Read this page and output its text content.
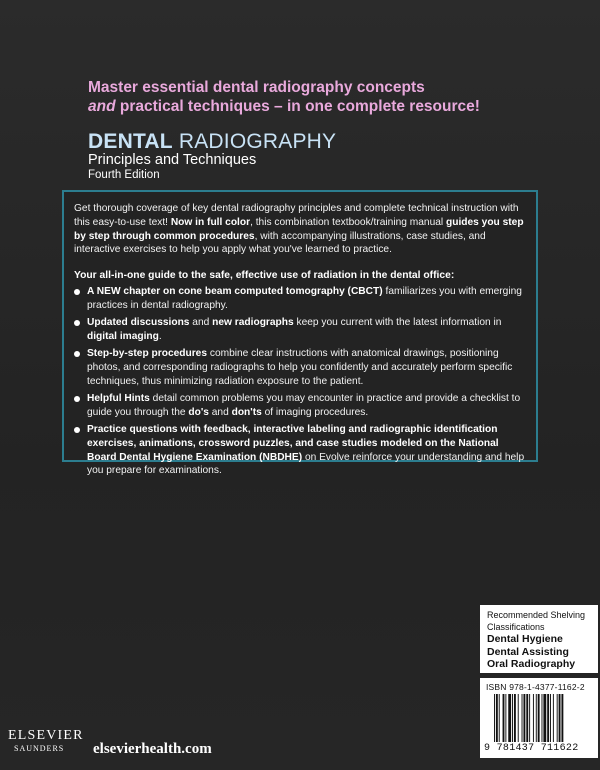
Master essential dental radiography concepts
and practical techniques – in one complete resource!
DENTAL RADIOGRAPHY
Principles and Techniques
Fourth Edition
Get thorough coverage of key dental radiography principles and complete technical instruction with this easy-to-use text! Now in full color, this combination textbook/training manual guides you step by step through common procedures, with accompanying illustrations, case studies, and interactive exercises to help you apply what you've learned to practice.
Your all-in-one guide to the safe, effective use of radiation in the dental office:
A NEW chapter on cone beam computed tomography (CBCT) familiarizes you with emerging practices in dental radiography.
Updated discussions and new radiographs keep you current with the latest information in digital imaging.
Step-by-step procedures combine clear instructions with anatomical drawings, positioning photos, and corresponding radiographs to help you confidently and accurately perform specific techniques, thus minimizing radiation exposure to the patient.
Helpful Hints detail common problems you may encounter in practice and provide a checklist to guide you through the do's and don'ts of imaging procedures.
Practice questions with feedback, interactive labeling and radiographic identification exercises, animations, crossword puzzles, and case studies modeled on the National Board Dental Hygiene Examination (NBDHE) on Evolve reinforce your understanding and help you prepare for examinations.
Recommended Shelving Classifications
Dental Hygiene
Dental Assisting
Oral Radiography
ISBN 978-1-4377-1162-2
9 781437 711622
ELSEVIER
SAUNDERS	elsevierhealth.com
